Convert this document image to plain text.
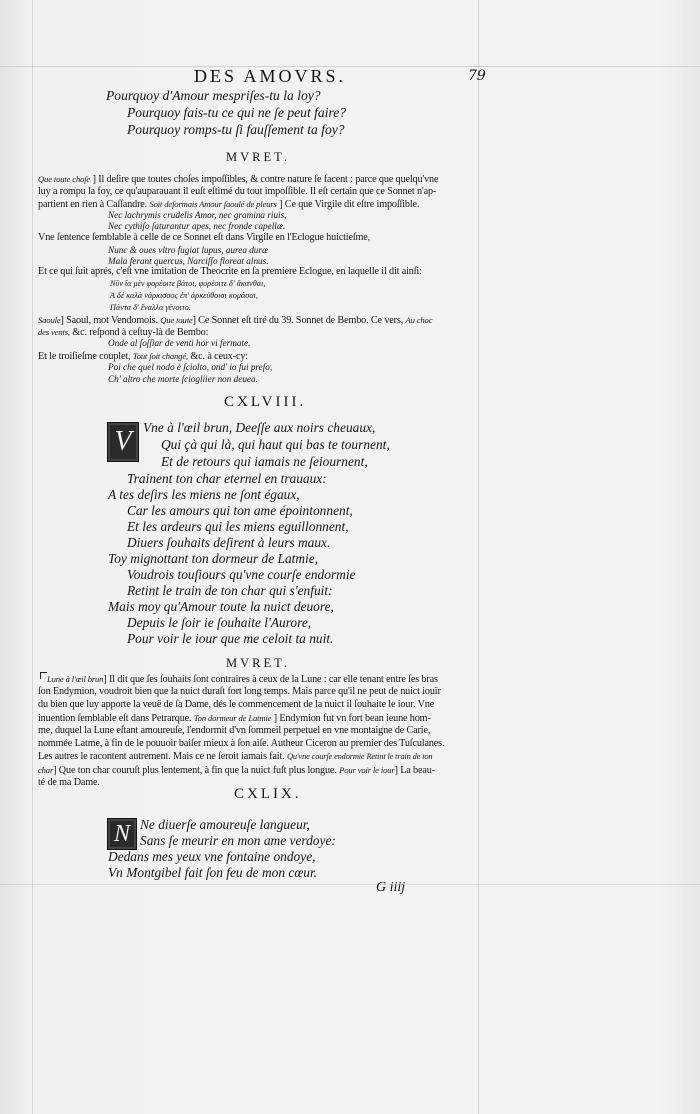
DES AMOVRS.	79
Pourquoy d'Amour mespriſes-tu la loy?
Pourquoy fais-tu ce qui ne ſe peut faire?
Pourquoy romps-tu ſi fauſſement ta foy?
MVRET.
Que toute choſe ] Il deſire que toutes choſes impoſſibles, & contre nature ſe facent : parce que quelqu'vne
luy a rompu la foy, ce qu'auparauant il euſt eſtimé du tout impoſſible. Il eſt certain que ce Sonnet n'ap-
partient en rien à Caſſandre. Soit deſormais Amour ſaoulé de pleurs ] Ce que Virgile dit eſtre impoſſible.
Nec lachrymis crudelis Amor, nec gramina riuis,
Nec cythiſo ſaturantur apes, nec fronde capellæ.
Vne ſentence ſemblable à celle de ce Sonnet eſt dans Virgile en l'Eclogue huictieſme,
Nunc & oues vltro fugiat lupus, aurea duræ
Mala ferant quercus, Narciſſo floreat alnus.
Et ce qui ſuit aprés, c'eſt vne imitation de Theocrite en ſa premiere Eclogue, en laquelle il dit ainſi:
Νῦν ἴα μὲν φορέοιτε βάτοι, φορέοιτε δ' ἄκανθαι,
Ἁ δὲ καλὰ νάρκισσος ἐπ' ἀρκεύθοισι κομάσαι,
Πάντα δ' ἔναλλα γένοιτο.
Saoule] Saoul, mot Vendomois. Que toute] Ce Sonnet eſt tiré du 39. Sonnet de Bembo. Ce vers, Au choc
des vents, &c. reſpond à ceſtuy-là de Bembo:
Onde al ſoſſiar de venti hor vi fermate.
Et le troiſieſme couplet, Tout ſoit changé, &c. à ceux-cy:
Poi che quel nodo è ſciolto, ond' io fui preſo,
Ch' altro che morte ſciogliier non deuea.
CXLVIII.
V Vne à l'œil brun, Deeſſe aux noirs cheuaux,
Qui çà qui là, qui haut qui bas te tournent,
Et de retours qui iamais ne ſeiournent,
Trainent ton char eternel en trauaux:
A tes deſirs les miens ne ſont égaux,
Car les amours qui ton ame épointonnent,
Et les ardeurs qui les miens eguillonnent,
Diuers ſouhaits deſirent à leurs maux.
Toy mignottant ton dormeur de Latmie,
Voudrois touſiours qu'vne courſe endormie
Retint le train de ton char qui s'enfuit:
Mais moy qu'Amour toute la nuict deuore,
Depuis le ſoir ie ſouhaite l'Aurore,
Pour voir le iour que me celoit ta nuit.
MVRET.
Lune à l'œil brun] Il dit que ſes ſouhaits ſont contraires à ceux de la Lune : car elle tenant entre ſes bras
ſon Endymion, voudroit bien que la nuict duraſt fort long temps. Mais parce qu'il ne peut de nuict iouïr
du bien que luy apporte la veuë de ſa Dame, dés le commencement de la nuict il ſouhaite le iour. Vne
inuention ſemblable eſt dans Petrarque. Ton dormeur de Latmie ] Endymion fut vn fort bean ieune hom-
me, duquel la Lune eſtant amoureuſe, l'endormit d'vn ſommeil perpetuel en vne montaigne de Carie,
nommée Latme, à fin de le pouuoir baiſer mieux à ſon aiſe. Autheur Ciceron au premier des Tuſculanes.
Les autres le racontent autrement. Mais ce ne ſeroit iamais fait. Qu'vne courſe endormie Retint le train de ton
char] Que ton char couruſt plus lentement, à fin que la nuict fuſt plus longue. Pour voir le iour] La beau-
té de ma Dame.
CXLIX.
N Ne diuerſe amoureuſe langueur,
Sans ſe meurir en mon ame verdoye:
Dedans mes yeux vne fontaine ondoye,
Vn Montgibel fait ſon feu de mon cœur.
G iiij
